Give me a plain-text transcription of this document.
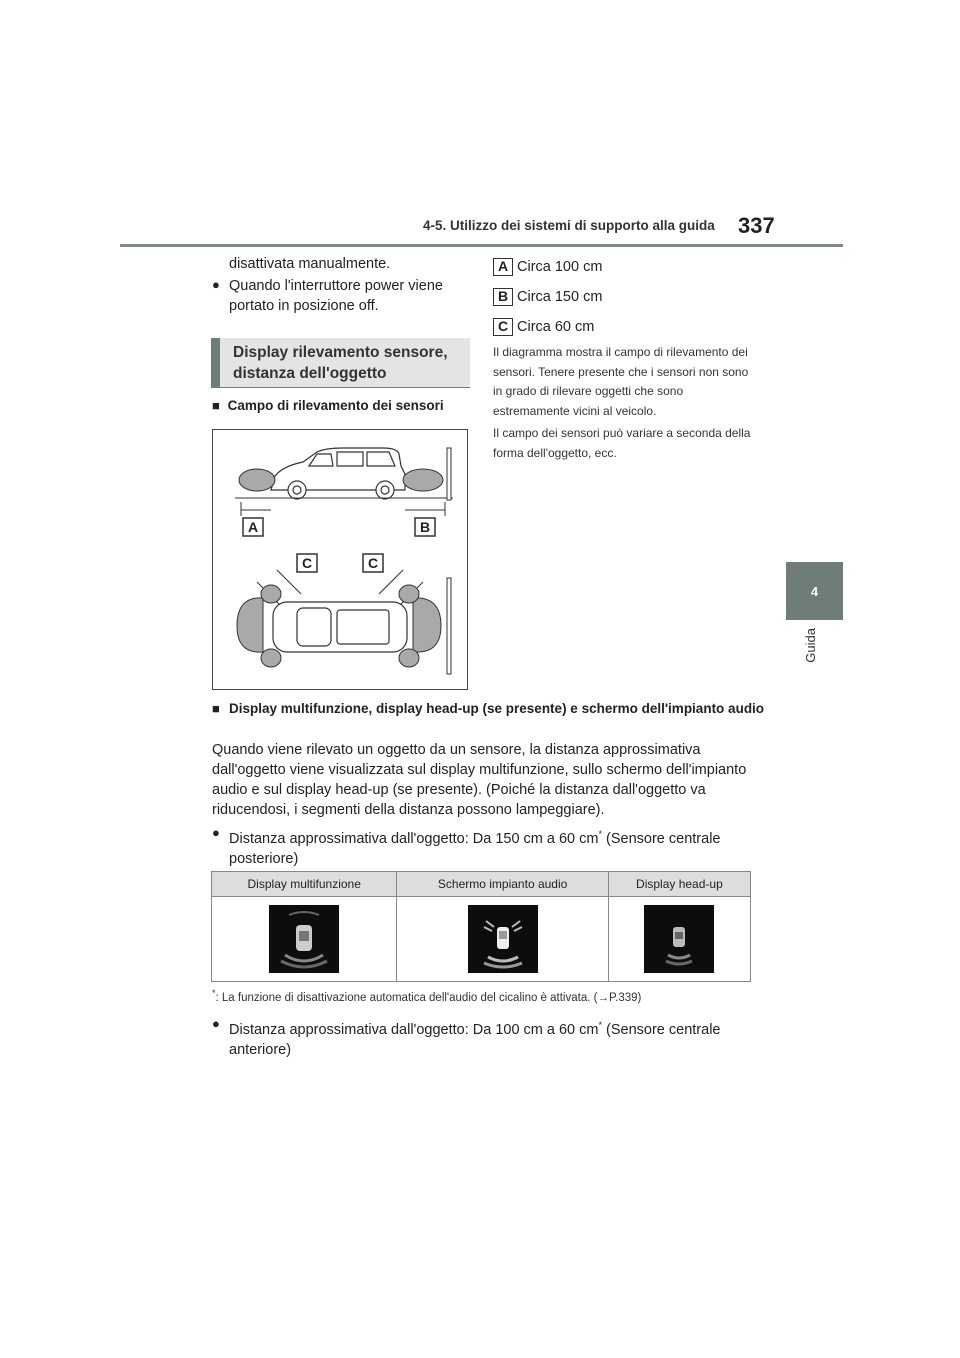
4-5. Utilizzo dei sistemi di supporto alla guida 337
4
Guida
disattivata manualmente.
● Quando l'interruttore power viene portato in posizione off.
Display rilevamento sensore, distanza dell'oggetto
■ Campo di rilevamento dei sensori
A	B
C	C
A Circa 100 cm
B Circa 150 cm
C Circa 60 cm
Il diagramma mostra il campo di rilevamento dei sensori. Tenere presente che i sensori non sono in grado di rilevare oggetti che sono estremamente vicini al veicolo.
Il campo dei sensori può variare a seconda della forma dell'oggetto, ecc.
■ Display multifunzione, display head-up (se presente) e schermo dell'impianto audio
Quando viene rilevato un oggetto da un sensore, la distanza approssimativa dall'oggetto viene visualizzata sul display multifunzione, sullo schermo dell'impianto audio e sul display head-up (se presente). (Poiché la distanza dall'oggetto va riducendosi, i segmenti della distanza possono lampeggiare).
● Distanza approssimativa dall'oggetto: Da 150 cm a 60 cm* (Sensore centrale posteriore)
Display multifunzione	Schermo impianto audio	Display head-up

*: La funzione di disattivazione automatica dell'audio del cicalino è attivata. (→P.339)
● Distanza approssimativa dall'oggetto: Da 100 cm a 60 cm* (Sensore centrale anteriore)
